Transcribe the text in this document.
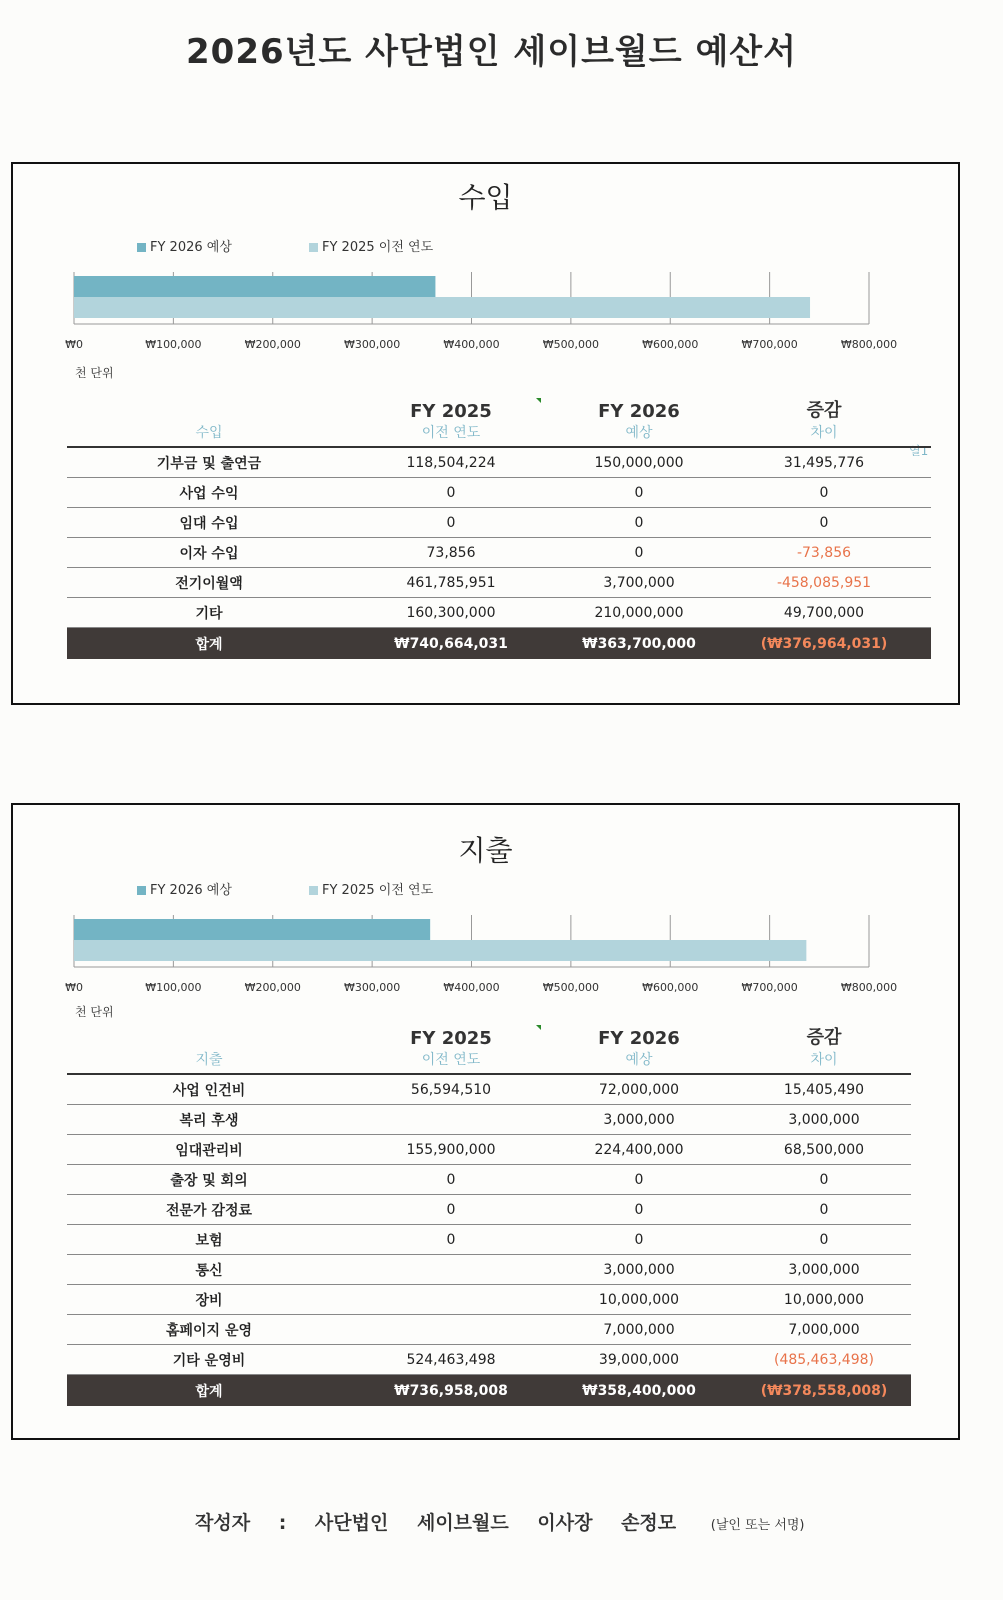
2026년도 사단법인 세이브월드 예산서
수입
FY 2026 예상	FY 2025 이전 연도
₩0	₩100,000	₩200,000	₩300,000	₩400,000	₩500,000	₩600,000	₩700,000	₩800,000
천 단위
열1
		FY 2025		FY 2026		증감	
수입		이전 연도		예상		차이	
기부금 및 출연금		118,504,224		150,000,000		31,495,776	
사업 수익		0		0		0	
임대 수입		0		0		0	
이자 수입		73,856		0		-73,856	
전기이월액		461,785,951		3,700,000		-458,085,951	
기타		160,300,000		210,000,000		49,700,000	
합계		₩740,664,031		₩363,700,000		(₩376,964,031)	
지출
FY 2026 예상	FY 2025 이전 연도
₩0	₩100,000	₩200,000	₩300,000	₩400,000	₩500,000	₩600,000	₩700,000	₩800,000
천 단위
		FY 2025		FY 2026		증감	
지출		이전 연도		예상		차이	
사업 인건비		56,594,510		72,000,000		15,405,490	
복리 후생				3,000,000		3,000,000	
임대관리비		155,900,000		224,400,000		68,500,000	
출장 및 회의		0		0		0	
전문가 감정료		0		0		0	
보험		0		0		0	
통신				3,000,000		3,000,000	
장비				10,000,000		10,000,000	
홈페이지 운영				7,000,000		7,000,000	
기타 운영비		524,463,498		39,000,000		(485,463,498)	
합계		₩736,958,008		₩358,400,000		(₩378,558,008)	
작성자 : 사단법인 세이브월드 이사장 손정모	(날인 또는 서명)
